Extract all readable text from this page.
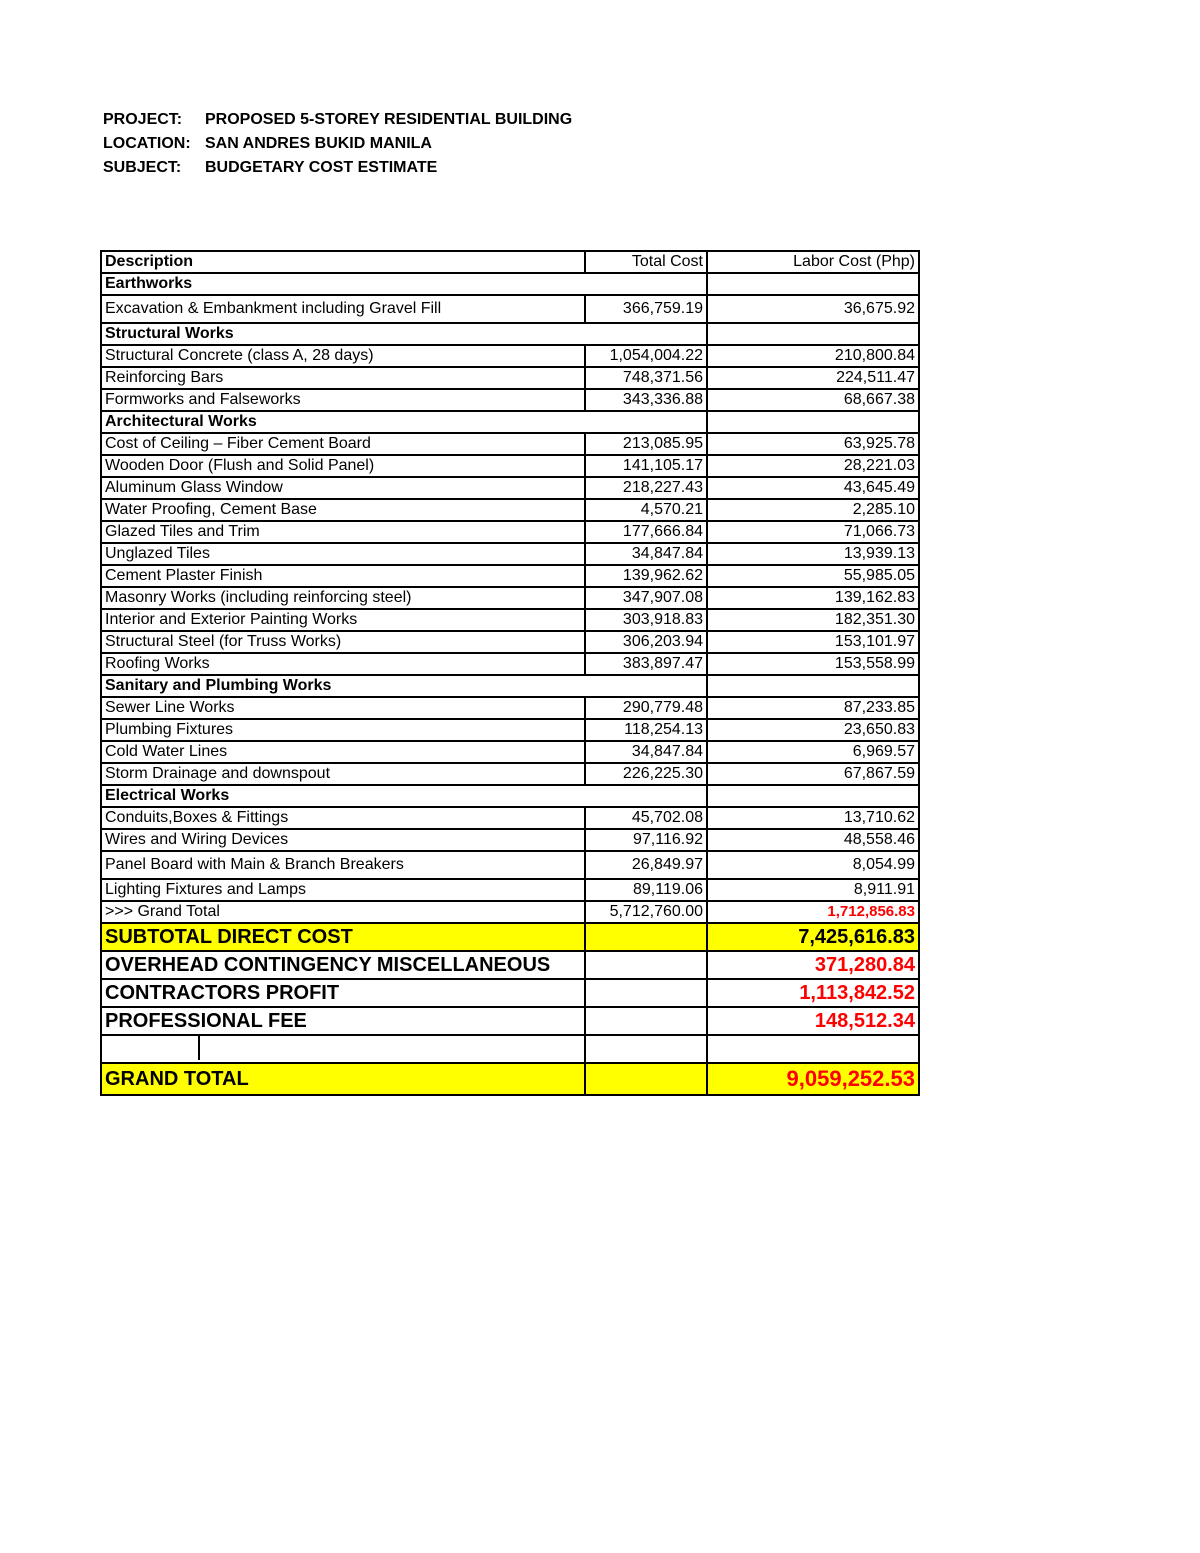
PROJECT:	PROPOSED 5-STOREY RESIDENTIAL BUILDING
LOCATION: SAN ANDRES BUKID MANILA
SUBJECT:	BUDGETARY COST ESTIMATE
Description	Total Cost	Labor Cost (Php)
Earthworks		
Excavation & Embankment including Gravel Fill	366,759.19	36,675.92
Structural Works		
Structural Concrete (class A, 28 days)	1,054,004.22	210,800.84
Reinforcing Bars	748,371.56	224,511.47
Formworks and Falseworks	343,336.88	68,667.38
Architectural Works		
Cost of Ceiling – Fiber Cement Board	213,085.95	63,925.78
Wooden Door (Flush and Solid Panel)	141,105.17	28,221.03
Aluminum Glass Window	218,227.43	43,645.49
Water Proofing, Cement Base	4,570.21	2,285.10
Glazed Tiles and Trim	177,666.84	71,066.73
Unglazed Tiles	34,847.84	13,939.13
Cement Plaster Finish	139,962.62	55,985.05
Masonry Works (including reinforcing steel)	347,907.08	139,162.83
Interior and Exterior Painting Works	303,918.83	182,351.30
Structural Steel (for Truss Works)	306,203.94	153,101.97
Roofing Works	383,897.47	153,558.99
Sanitary and Plumbing Works		
Sewer Line Works	290,779.48	87,233.85
Plumbing Fixtures	118,254.13	23,650.83
Cold Water Lines	34,847.84	6,969.57
Storm Drainage and downspout	226,225.30	67,867.59
Electrical Works		
Conduits,Boxes & Fittings	45,702.08	13,710.62
Wires and Wiring Devices	97,116.92	48,558.46
Panel Board with Main & Branch Breakers	26,849.97	8,054.99
Lighting Fixtures and Lamps	89,119.06	8,911.91
>>> Grand Total	5,712,760.00	1,712,856.83
SUBTOTAL DIRECT COST		7,425,616.83
OVERHEAD CONTINGENCY MISCELLANEOUS		371,280.84
CONTRACTORS PROFIT		1,113,842.52
PROFESSIONAL FEE		148,512.34

GRAND TOTAL		9,059,252.53
